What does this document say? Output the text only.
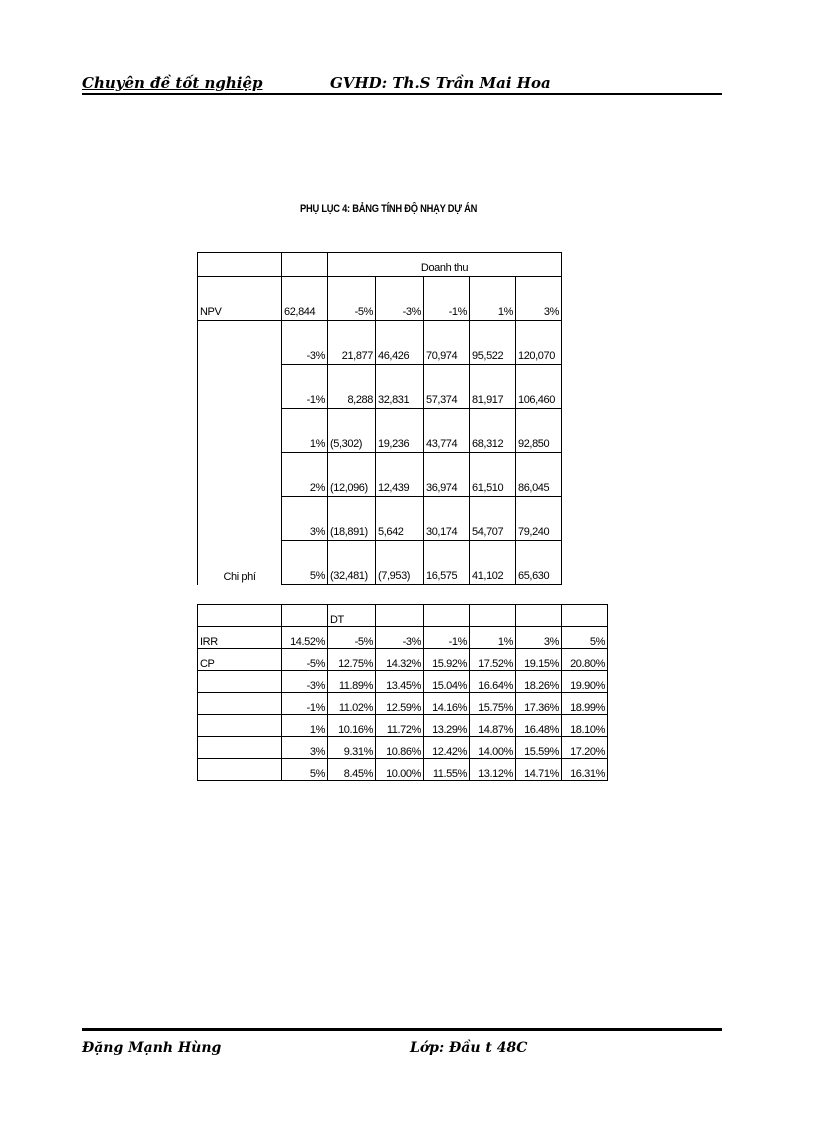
Chuyên đề tốt nghiệp	GVHD: Th.S Trần Mai Hoa
PHỤ LỤC 4: BẢNG TÍNH ĐỘ NHẠY DỰ ÁN
		Doanh thu				
NPV	62,844	-5%	-3%	-1%	1%	3%
Chi phí	-3%	21,877	46,426	70,974	95,522	120,070
	-1%	8,288	32,831	57,374	81,917	106,460
	1%	(5,302)	19,236	43,774	68,312	92,850
	2%	(12,096)	12,439	36,974	61,510	86,045
	3%	(18,891)	5,642	30,174	54,707	79,240
	5%	(32,481)	(7,953)	16,575	41,102	65,630
		DT					
IRR	14.52%	-5%	-3%	-1%	1%	3%	5%
CP	-5%	12.75%	14.32%	15.92%	17.52%	19.15%	20.80%
	-3%	11.89%	13.45%	15.04%	16.64%	18.26%	19.90%
	-1%	11.02%	12.59%	14.16%	15.75%	17.36%	18.99%
	1%	10.16%	11.72%	13.29%	14.87%	16.48%	18.10%
	3%	9.31%	10.86%	12.42%	14.00%	15.59%	17.20%
	5%	8.45%	10.00%	11.55%	13.12%	14.71%	16.31%
Đặng Mạnh Hùng	Lớp: Đầu t 48C
